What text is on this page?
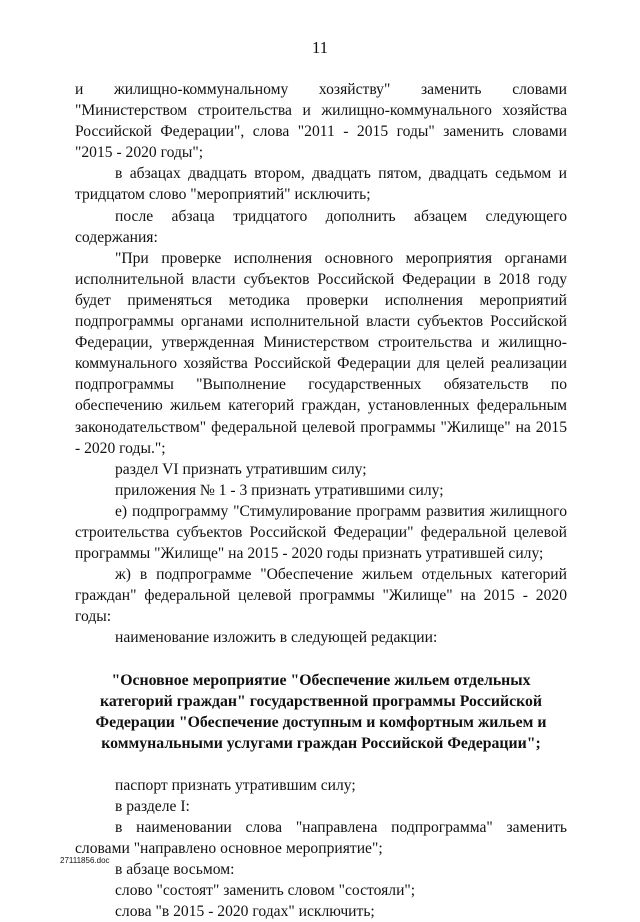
11

и жилищно-коммунальному хозяйству" заменить словами "Министерством строительства и жилищно-коммунального хозяйства Российской Федерации", слова "2011 - 2015 годы" заменить словами "2015 - 2020 годы";

в абзацах двадцать втором, двадцать пятом, двадцать седьмом и тридцатом слово "мероприятий" исключить;

после абзаца тридцатого дополнить абзацем следующего содержания:

"При проверке исполнения основного мероприятия органами исполнительной власти субъектов Российской Федерации в 2018 году будет применяться методика проверки исполнения мероприятий подпрограммы органами исполнительной власти субъектов Российской Федерации, утвержденная Министерством строительства и жилищно-коммунального хозяйства Российской Федерации для целей реализации подпрограммы "Выполнение государственных обязательств по обеспечению жильем категорий граждан, установленных федеральным законодательством" федеральной целевой программы "Жилище" на 2015 - 2020 годы.";

раздел VI признать утратившим силу;

приложения № 1 - 3 признать утратившими силу;

е) подпрограмму "Стимулирование программ развития жилищного строительства субъектов Российской Федерации" федеральной целевой программы "Жилище" на 2015 - 2020 годы признать утратившей силу;

ж) в подпрограмме "Обеспечение жильем отдельных категорий граждан" федеральной целевой программы "Жилище" на 2015 - 2020 годы:

наименование изложить в следующей редакции:

"Основное мероприятие "Обеспечение жильем отдельных категорий граждан" государственной программы Российской Федерации "Обеспечение доступным и комфортным жильем и коммунальными услугами граждан Российской Федерации";

паспорт признать утратившим силу;

в разделе I:

в наименовании слова "направлена подпрограмма" заменить словами "направлено основное мероприятие";

в абзаце восьмом:

слово "состоят" заменить словом "состояли";

слова "в 2015 - 2020 годах" исключить;

27111856.doc
